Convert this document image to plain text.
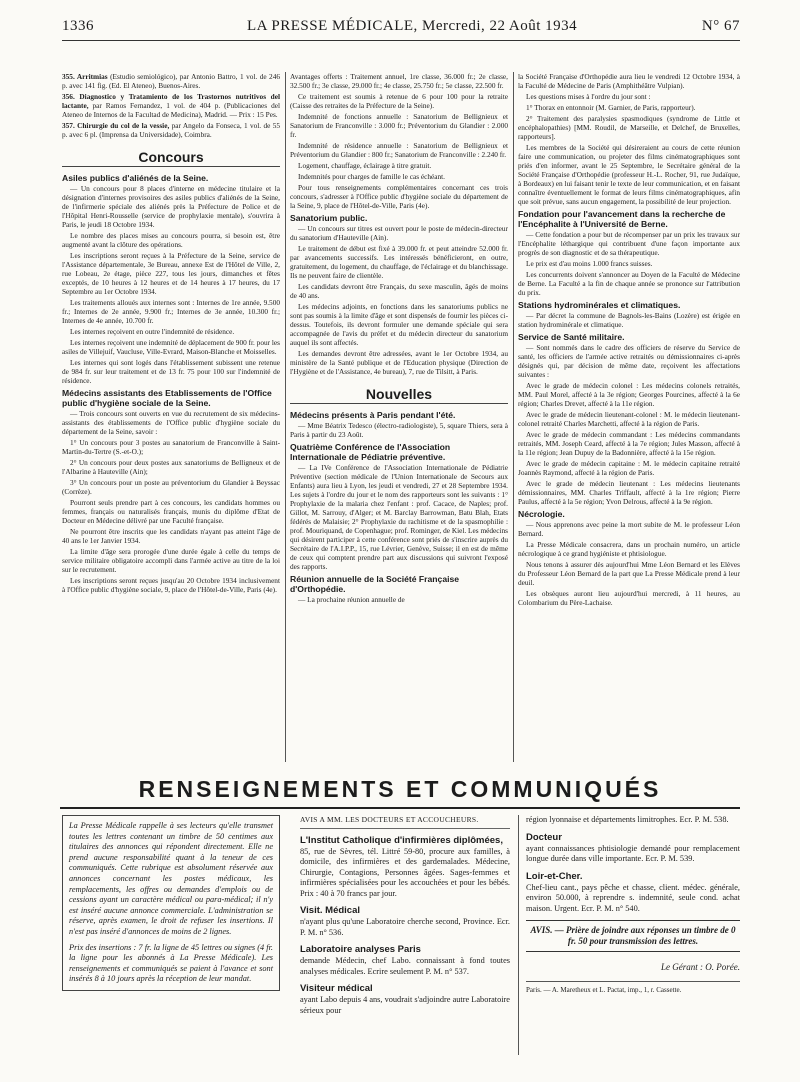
1336	LA PRESSE MÉDICALE, Mercredi, 22 Août 1934	N° 67

355. Arritmias (Estudio semiológico), par Antonio Battro, 1 vol. de 246 p. avec 141 fig. (Ed. El Ateneo), Buenos-Aires.

356. Diagnostico y Tratamiento de los Trastornos nutritivos del lactante, par Ramos Fernandez, 1 vol. de 404 p. (Publicaciones del Ateneo de Internos de la Facultad de Medicina), Madrid. — Prix : 15 Pes.

357. Chirurgie du col de la vessie, par Angelo da Fonseca, 1 vol. de 55 p. avec 6 pl. (Imprensa da Universidade), Coimbra.

Concours
Asiles publics d'aliénés de la Seine.

— Un concours pour 8 places d'interne en médecine titulaire et la désignation d'internes provisoires des asiles publics d'aliénés de la Seine, de l'infirmerie spéciale des aliénés près la Préfecture de Police et de l'Hôpital Henri-Rousselle (service de prophylaxie mentale), s'ouvrira à Paris, le jeudi 18 Octobre 1934.

Le nombre des places mises au concours pourra, si besoin est, être augmenté avant la clôture des opérations.

Les inscriptions seront reçues à la Préfecture de la Seine, service de l'Assistance départementale, 3e Bureau, annexe Est de l'Hôtel de Ville, 2, rue Lobeau, 2e étage, pièce 227, tous les jours, dimanches et fêtes exceptés, de 10 heures à 12 heures et de 14 heures à 17 heures, du 17 Septembre au 1er Octobre 1934.

Les traitements alloués aux internes sont : Internes de 1re année, 9.500 fr.; Internes de 2e année, 9.900 fr.; Internes de 3e année, 10.300 fr.; Internes de 4e année, 10.700 fr.

Les internes reçoivent en outre l'indemnité de résidence.

Les internes reçoivent une indemnité de déplacement de 900 fr. pour les asiles de Villejuif, Vaucluse, Ville-Evrard, Maison-Blanche et Moisselles.

Les internes qui sont logés dans l'établissement subissent une retenue de 984 fr. sur leur traitement et de 13 fr. 75 pour 100 sur l'indemnité de résidence.

Médecins assistants des Etablissements de l'Office public d'hygiène sociale de la Seine.

— Trois concours sont ouverts en vue du recrutement de six médecins-assistants des établissements de l'Office public d'hygiène sociale du département de la Seine, savoir :

1° Un concours pour 3 postes au sanatorium de Franconville à Saint-Martin-du-Tertre (S.-et-O.);

2° Un concours pour deux postes aux sanatoriums de Belligneux et de l'Albarine à Hauteville (Ain);

3° Un concours pour un poste au préventorium du Glandier à Beyssac (Corrèze).

Pourront seuls prendre part à ces concours, les candidats hommes ou femmes, français ou naturalisés français, munis du diplôme d'Etat de Docteur en Médecine délivré par une Faculté française.

Ne pourront être inscrits que les candidats n'ayant pas atteint l'âge de 40 ans le 1er Janvier 1934.

La limite d'âge sera prorogée d'une durée égale à celle du temps de service militaire obligatoire accompli dans l'armée active au titre de la loi sur le recrutement.

Les inscriptions seront reçues jusqu'au 20 Octobre 1934 inclusivement à l'Office public d'hygiène sociale, 9, place de l'Hôtel-de-Ville, Paris (4e).

Avantages offerts : Traitement annuel, 1re classe, 36.000 fr.; 2e classe, 32.500 fr.; 3e classe, 29.000 fr.; 4e classe, 25.750 fr.; 5e classe, 22.500 fr.

Ce traitement est soumis à retenue de 6 pour 100 pour la retraite (Caisse des retraites de la Préfecture de la Seine).

Indemnité de fonctions annuelle : Sanatorium de Bellignieux et Sanatorium de Franconville : 3.000 fr.; Préventorium du Glandier : 2.000 fr.

Indemnité de résidence annuelle : Sanatorium de Bellignieux et Préventorium du Glandier : 800 fr.; Sanatorium de Franconville : 2.240 fr.

Logement, chauffage, éclairage à titre gratuit.

Indemnités pour charges de famille le cas échéant.

Pour tous renseignements complémentaires concernant ces trois concours, s'adresser à l'Office public d'hygiène sociale du département de la Seine, 9, place de l'Hôtel-de-Ville, Paris (4e).

Sanatorium public.

— Un concours sur titres est ouvert pour le poste de médecin-directeur du sanatorium d'Hauteville (Ain).

Le traitement de début est fixé à 39.000 fr. et peut atteindre 52.000 fr. par avancements successifs. Les intéressés bénéficieront, en outre, gratuitement, du logement, du chauffage, de l'éclairage et du blanchissage. Ils ne peuvent faire de clientèle.

Les candidats devront être Français, du sexe masculin, âgés de moins de 40 ans.

Les médecins adjoints, en fonctions dans les sanatoriums publics ne sont pas soumis à la limite d'âge et sont dispensés de fournir les pièces ci-dessus. Toutefois, ils devront formuler une demande spéciale qui sera accompagnée de l'avis du préfet et du médecin directeur du sanatorium auquel ils sont affectés.

Les demandes devront être adressées, avant le 1er Octobre 1934, au ministère de la Santé publique et de l'Education physique (Direction de l'Hygiène et de l'Assistance, 4e bureau), 7, rue de Tilsitt, à Paris.

Nouvelles
Médecins présents à Paris pendant l'été.

— Mme Béatrix Tedesco (électro-radiologiste), 5, square Thiers, sera à Paris à partir du 23 Août.

Quatrième Conférence de l'Association Internationale de Pédiatrie préventive.

— La IVe Conférence de l'Association Internationale de Pédiatrie Préventive (section médicale de l'Union Internationale de Secours aux Enfants) aura lieu à Lyon, les jeudi et vendredi, 27 et 28 Septembre 1934. Les sujets à l'ordre du jour et le nom des rapporteurs sont les suivants : 1° Prophylaxie de la malaria chez l'enfant : prof. Cacace, de Naples; prof. Gillot, M. Sarrouy, d'Alger; et M. Barclay Barrowman, Batu Blah, Etats fédérés de Malaisie; 2° Prophylaxie du rachitisme et de la spasmophilie : prof. Mouriquand, de Copenhague; prof. Rominger, de Kiel. Les médecins qui désirent participer à cette conférence sont priés de s'inscrire auprès du Secrétaire de l'A.I.P.P., 15, rue Lévrier, Genève, Suisse; il en est de même de ceux qui comptent prendre part aux discussions qui suivront l'exposé des rapports.

Réunion annuelle de la Société Française d'Orthopédie.

— La prochaine réunion annuelle de

la Société Française d'Orthopédie aura lieu le vendredi 12 Octobre 1934, à la Faculté de Médecine de Paris (Amphithéâtre Vulpian).

Les questions mises à l'ordre du jour sont :

1° Thorax en entonnoir (M. Garnier, de Paris, rapporteur).

2° Traitement des paralysies spasmodiques (syndrome de Little et encéphalopathies) [MM. Roudil, de Marseille, et Delchef, de Bruxelles, rapporteurs].

Les membres de la Société qui désireraient au cours de cette réunion faire une communication, ou projeter des films cinématographiques sont priés d'en informer, avant le 25 Septembre, le Secrétaire général de la Société Française d'Orthopédie (professeur H.-L. Rocher, 91, rue Judaïque, à Bordeaux) en lui faisant tenir le texte de leur communication, et en faisant connaître éventuellement le format de leurs films cinématographiques, afin que soit prévue, sans aucun engagement, la possibilité de leur projection.

Fondation pour l'avancement dans la recherche de l'Encéphalite à l'Université de Berne.

— Cette fondation a pour but de récompenser par un prix les travaux sur l'Encéphalite léthargique qui contribuent d'une façon importante aux progrès de son diagnostic et de sa thérapeutique.

Le prix est d'au moins 1.000 francs suisses.

Les concurrents doivent s'annoncer au Doyen de la Faculté de Médecine de Berne. La Faculté a la fin de chaque année se prononce sur l'attribution du prix.

Stations hydrominérales et climatiques.

— Par décret la commune de Bagnols-les-Bains (Lozère) est érigée en station hydrominérale et climatique.

Service de Santé militaire.

— Sont nommés dans le cadre des officiers de réserve du Service de santé, les officiers de l'armée active retraités ou démissionnaires ci-après désignés qui, par décision de même date, reçoivent les affectations suivantes :

Avec le grade de médecin colonel : Les médecins colonels retraités, MM. Paul Morel, affecté à la 3e région; Georges Pourcines, affecté à la 6e région; Charles Drevet, affecté à la 11e région.

Avec le grade de médecin lieutenant-colonel : M. le médecin lieutenant-colonel retraité Charles Marchetti, affecté à la région de Paris.

Avec le grade de médecin commandant : Les médecins commandants retraités, MM. Joseph Ceard, affecté à la 7e région; Jules Masson, affecté à la 11e région; Jean Dupuy de la Badonnière, affecté à la 15e région.

Avec le grade de médecin capitaine : M. le médecin capitaine retraité Joannès Raymond, affecté à la région de Paris.

Avec le grade de médecin lieutenant : Les médecins lieutenants démissionnaires, MM. Charles Triffault, affecté à la 1re région; Pierre Paulus, affecté à la 5e région; Yvon Delrous, affecté à la 9e région.

Nécrologie.

— Nous apprenons avec peine la mort subite de M. le professeur Léon Bernard.

La Presse Médicale consacrera, dans un prochain numéro, un article nécrologique à ce grand hygiéniste et phtisiologue.

Nous tenons à assurer dès aujourd'hui Mme Léon Bernard et les Elèves du Professeur Léon Bernard de la part que La Presse Médicale prend à leur deuil.

Les obsèques auront lieu aujourd'hui mercredi, à 11 heures, au Colombarium du Père-Lachaise.

RENSEIGNEMENTS ET COMMUNIQUÉS

La Presse Médicale rappelle à ses lecteurs qu'elle transmet toutes les lettres contenant un timbre de 50 centimes aux titulaires des annonces qui répondent directement. Elle ne prend aucune responsabilité quant à la teneur de ces communiqués. Cette rubrique est absolument réservée aux annonces concernant les postes médicaux, les remplacements, les offres ou demandes d'emplois ou de cessions ayant un caractère médical ou para-médical; il n'y est inséré aucune annonce commerciale. L'administration se réserve, après examen, le droit de refuser les insertions. Il n'est pas inséré d'annonces de moins de 2 lignes.

Prix des insertions : 7 fr. la ligne de 45 lettres ou signes (4 fr. la ligne pour les abonnés à La Presse Médicale). Les renseignements et communiqués se paient à l'avance et sont insérés 8 à 10 jours après la réception de leur mandat.

AVIS A MM. LES DOCTEURS ET ACCOUCHEURS.

L'Institut Catholique d'infirmières diplômées,

85, rue de Sèvres, tél. Littré 59-80, procure aux familles, à domicile, des infirmières et des gardemalades. Médecine, Chirurgie, Contagions, Personnes âgées. Sages-femmes et infirmières spécialisées pour les accouchées et pour les bébés. Prix : 40 à 70 francs par jour.

Visit. Médical

n'ayant plus qu'une Laboratoire cherche second, Province. Ecr. P. M. n° 536.

Laboratoire analyses Paris

demande Médecin, chef Labo. connaissant à fond toutes analyses médicales. Ecrire seulement P. M. n° 537.

Visiteur médical

ayant Labo depuis 4 ans, voudrait s'adjoindre autre Laboratoire sérieux pour

région lyonnaise et départements limitrophes. Ecr. P. M. 538.

Docteur

ayant connaissances phtisiologie demandé pour remplacement longue durée dans ville importante. Ecr. P. M. 539.

Loir-et-Cher.

Chef-lieu cant., pays pêche et chasse, client. médec. générale, environ 50.000, à reprendre s. indemnité, seule cond. achat maison. Urgent. Ecr. P. M. n° 540.

AVIS. — Prière de joindre aux réponses un timbre de 0 fr. 50 pour transmission des lettres.

Le Gérant : O. Porée.

Paris. — A. Maretheux et L. Pactat, imp., 1, r. Cassette.
